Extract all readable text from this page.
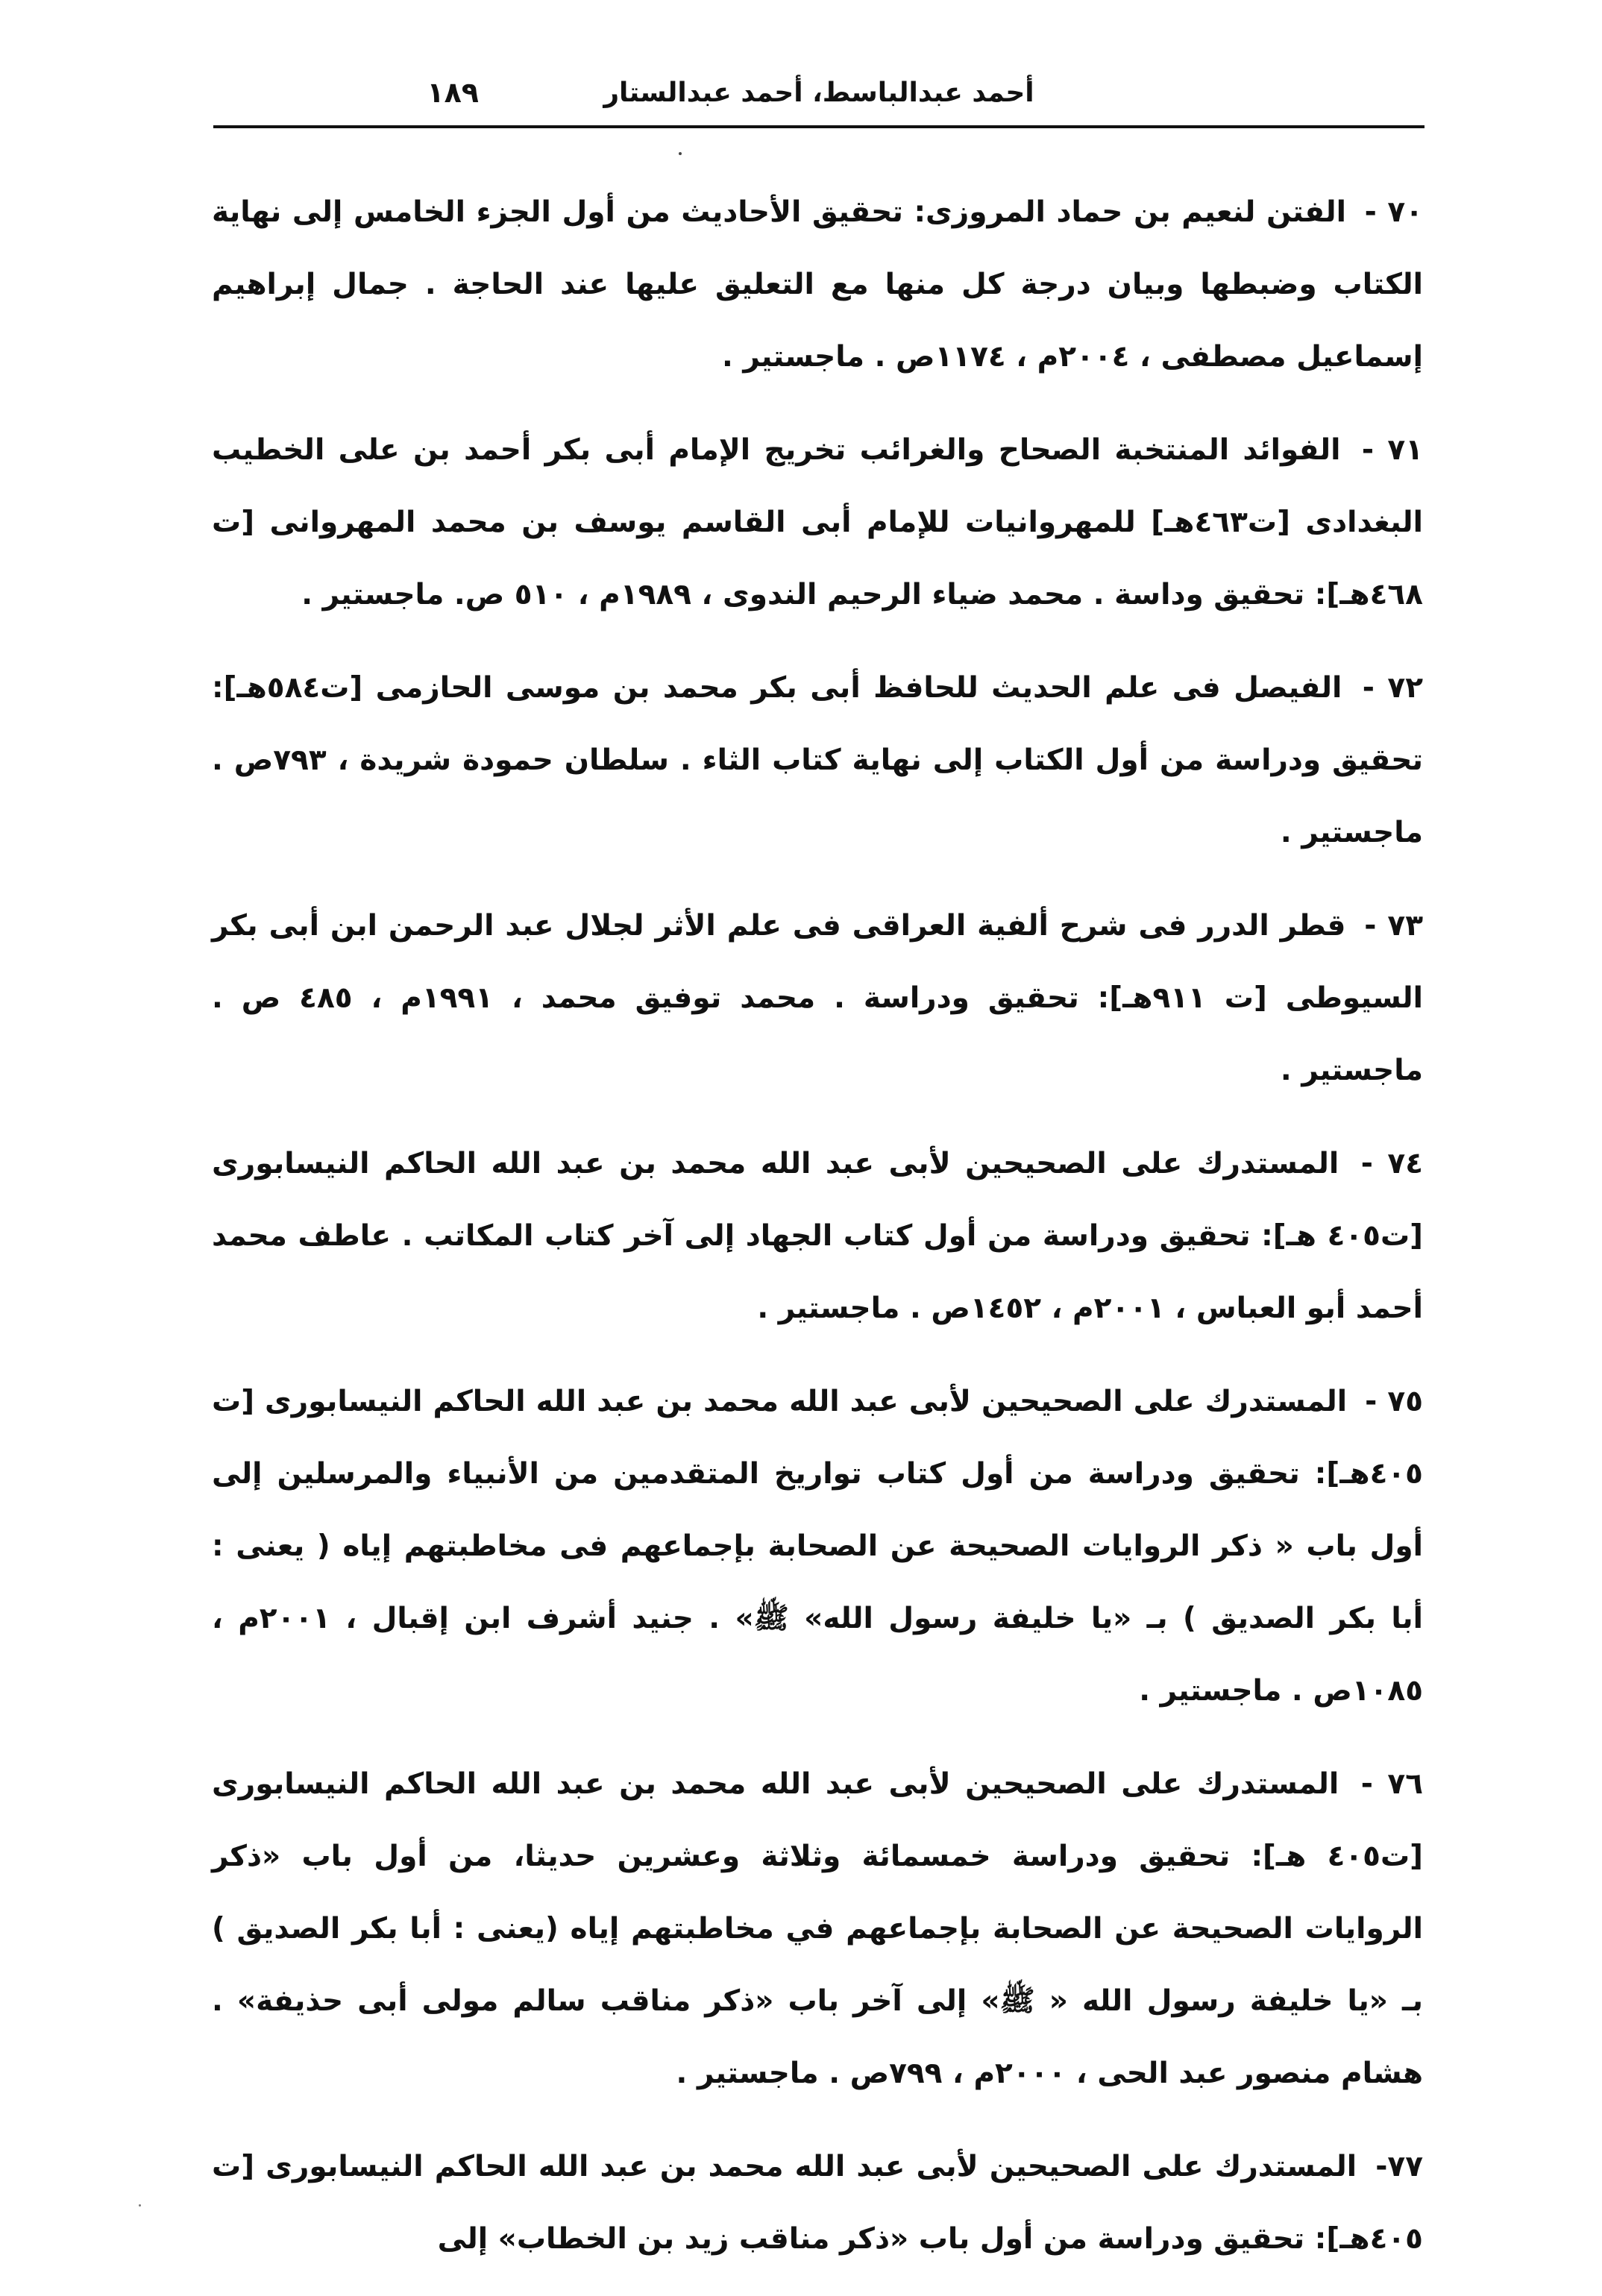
أحمد عبدالباسط، أحمد عبدالستار
١٨٩

٧٠ - الفتن لنعيم بن حماد المروزى: تحقيق الأحاديث من أول الجزء الخامس إلى نهاية الكتاب وضبطها وبيان درجة كل منها مع التعليق عليها عند الحاجة . جمال إبراهيم إسماعيل مصطفى ، ٢٠٠٤م ، ١١٧٤ص . ماجستير .

٧١ - الفوائد المنتخبة الصحاح والغرائب تخريج الإمام أبى بكر أحمد بن على الخطيب البغدادى [ت٤٦٣هـ] للمهروانيات للإمام أبى القاسم يوسف بن محمد المهروانى [ت ٤٦٨هـ]: تحقيق وداسة . محمد ضياء الرحيم الندوى ، ١٩٨٩م ، ٥١٠ ص. ماجستير .

٧٢ - الفيصل فى علم الحديث للحافظ أبى بكر محمد بن موسى الحازمى [ت٥٨٤هـ]: تحقيق ودراسة من أول الكتاب إلى نهاية كتاب الثاء . سلطان حمودة شريدة ، ٧٩٣ص . ماجستير .

٧٣ - قطر الدرر فى شرح ألفية العراقى فى علم الأثر لجلال عبد الرحمن ابن أبى بكر السيوطى [ت ٩١١هـ]: تحقيق ودراسة . محمد توفيق محمد ، ١٩٩١م ، ٤٨٥ ص . ماجستير .

٧٤ - المستدرك على الصحيحين لأبى عبد الله محمد بن عبد الله الحاكم النيسابورى [ت٤٠٥ هـ]: تحقيق ودراسة من أول كتاب الجهاد إلى آخر كتاب المكاتب . عاطف محمد أحمد أبو العباس ، ٢٠٠١م ، ١٤٥٢ص . ماجستير .

٧٥ - المستدرك على الصحيحين لأبى عبد الله محمد بن عبد الله الحاكم النيسابورى [ت ٤٠٥هـ]: تحقيق ودراسة من أول كتاب تواريخ المتقدمين من الأنبياء والمرسلين إلى أول باب « ذكر الروايات الصحيحة عن الصحابة بإجماعهم فى مخاطبتهم إياه ( يعنى : أبا بكر الصديق ) بـ «يا خليفة رسول الله» ﷺ» . جنيد أشرف ابن إقبال ، ٢٠٠١م ، ١٠٨٥ص . ماجستير .

٧٦ - المستدرك على الصحيحين لأبى عبد الله محمد بن عبد الله الحاكم النيسابورى [ت٤٠٥ هـ]: تحقيق ودراسة خمسمائة وثلاثة وعشرين حديثا، من أول باب «ذكر الروايات الصحيحة عن الصحابة بإجماعهم في مخاطبتهم إياه (يعنى : أبا بكر الصديق ) بـ «يا خليفة رسول الله « ﷺ» إلى آخر باب «ذكر مناقب سالم مولى أبى حذيفة» . هشام منصور عبد الحى ، ٢٠٠٠م ، ٧٩٩ص . ماجستير .

٧٧- المستدرك على الصحيحين لأبى عبد الله محمد بن عبد الله الحاكم النيسابورى [ت ٤٠٥هـ]: تحقيق ودراسة من أول باب «ذكر مناقب زيد بن الخطاب» إلى
